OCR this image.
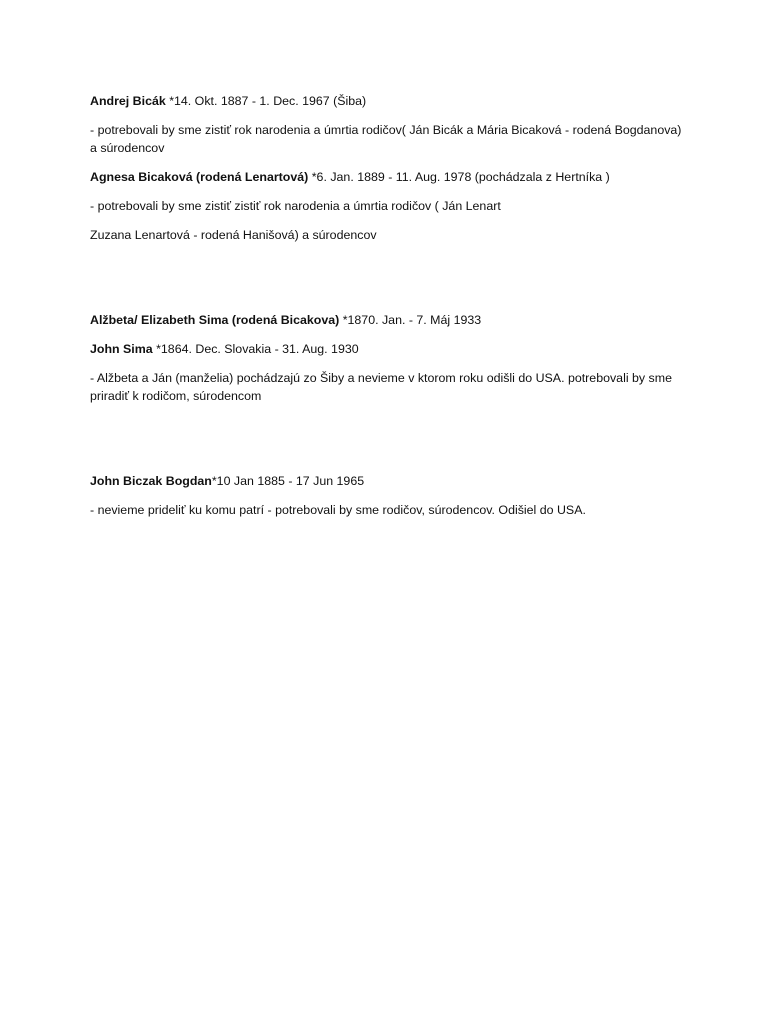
Andrej Bicák *14. Okt. 1887 - 1. Dec. 1967 (Šiba)

- potrebovali by sme zistiť rok narodenia a úmrtia rodičov( Ján Bicák a Mária Bicaková - rodená Bogdanova) a súrodencov

Agnesa Bicaková (rodená Lenartová) *6. Jan. 1889 - 11. Aug. 1978 (pochádzala z Hertníka )

- potrebovali by sme zistiť zistiť rok narodenia a úmrtia rodičov ( Ján Lenart

Zuzana Lenartová - rodená Hanišová) a súrodencov

Alžbeta/ Elizabeth Sima (rodená Bicakova) *1870. Jan. - 7. Máj 1933

John Sima *1864. Dec. Slovakia - 31. Aug. 1930

- Alžbeta a Ján (manželia) pochádzajú zo Šiby a nevieme v ktorom roku odišli do USA. potrebovali by sme priradiť k rodičom, súrodencom

John Biczak Bogdan*10 Jan 1885 - 17 Jun 1965

- nevieme prideliť ku komu patrí - potrebovali by sme rodičov, súrodencov. Odišiel do USA.
